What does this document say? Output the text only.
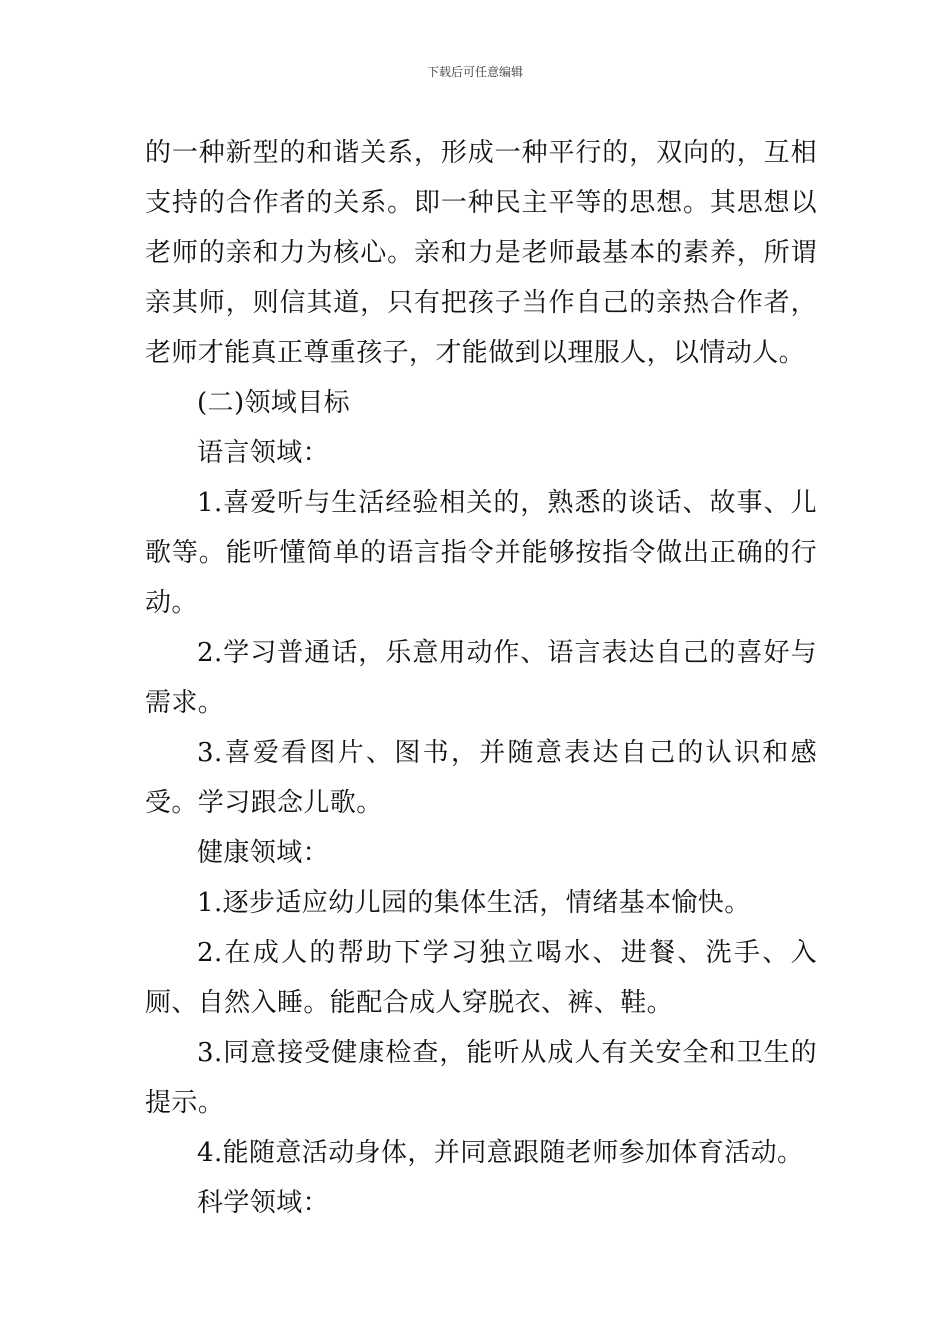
下载后可任意编辑

的一种新型的和谐关系，形成一种平行的，双向的，互相支持的合作者的关系。即一种民主平等的思想。其思想以老师的亲和力为核心。亲和力是老师最基本的素养，所谓亲其师，则信其道，只有把孩子当作自己的亲热合作者，老师才能真正尊重孩子，才能做到以理服人，以情动人。

(二)领域目标

语言领域：

1.喜爱听与生活经验相关的，熟悉的谈话、故事、儿歌等。能听懂简单的语言指令并能够按指令做出正确的行动。

2.学习普通话，乐意用动作、语言表达自己的喜好与需求。

3.喜爱看图片、图书，并随意表达自己的认识和感受。学习跟念儿歌。

健康领域：

1.逐步适应幼儿园的集体生活，情绪基本愉快。

2.在成人的帮助下学习独立喝水、进餐、洗手、入厕、自然入睡。能配合成人穿脱衣、裤、鞋。

3.同意接受健康检查，能听从成人有关安全和卫生的提示。

4.能随意活动身体，并同意跟随老师参加体育活动。

科学领域：
